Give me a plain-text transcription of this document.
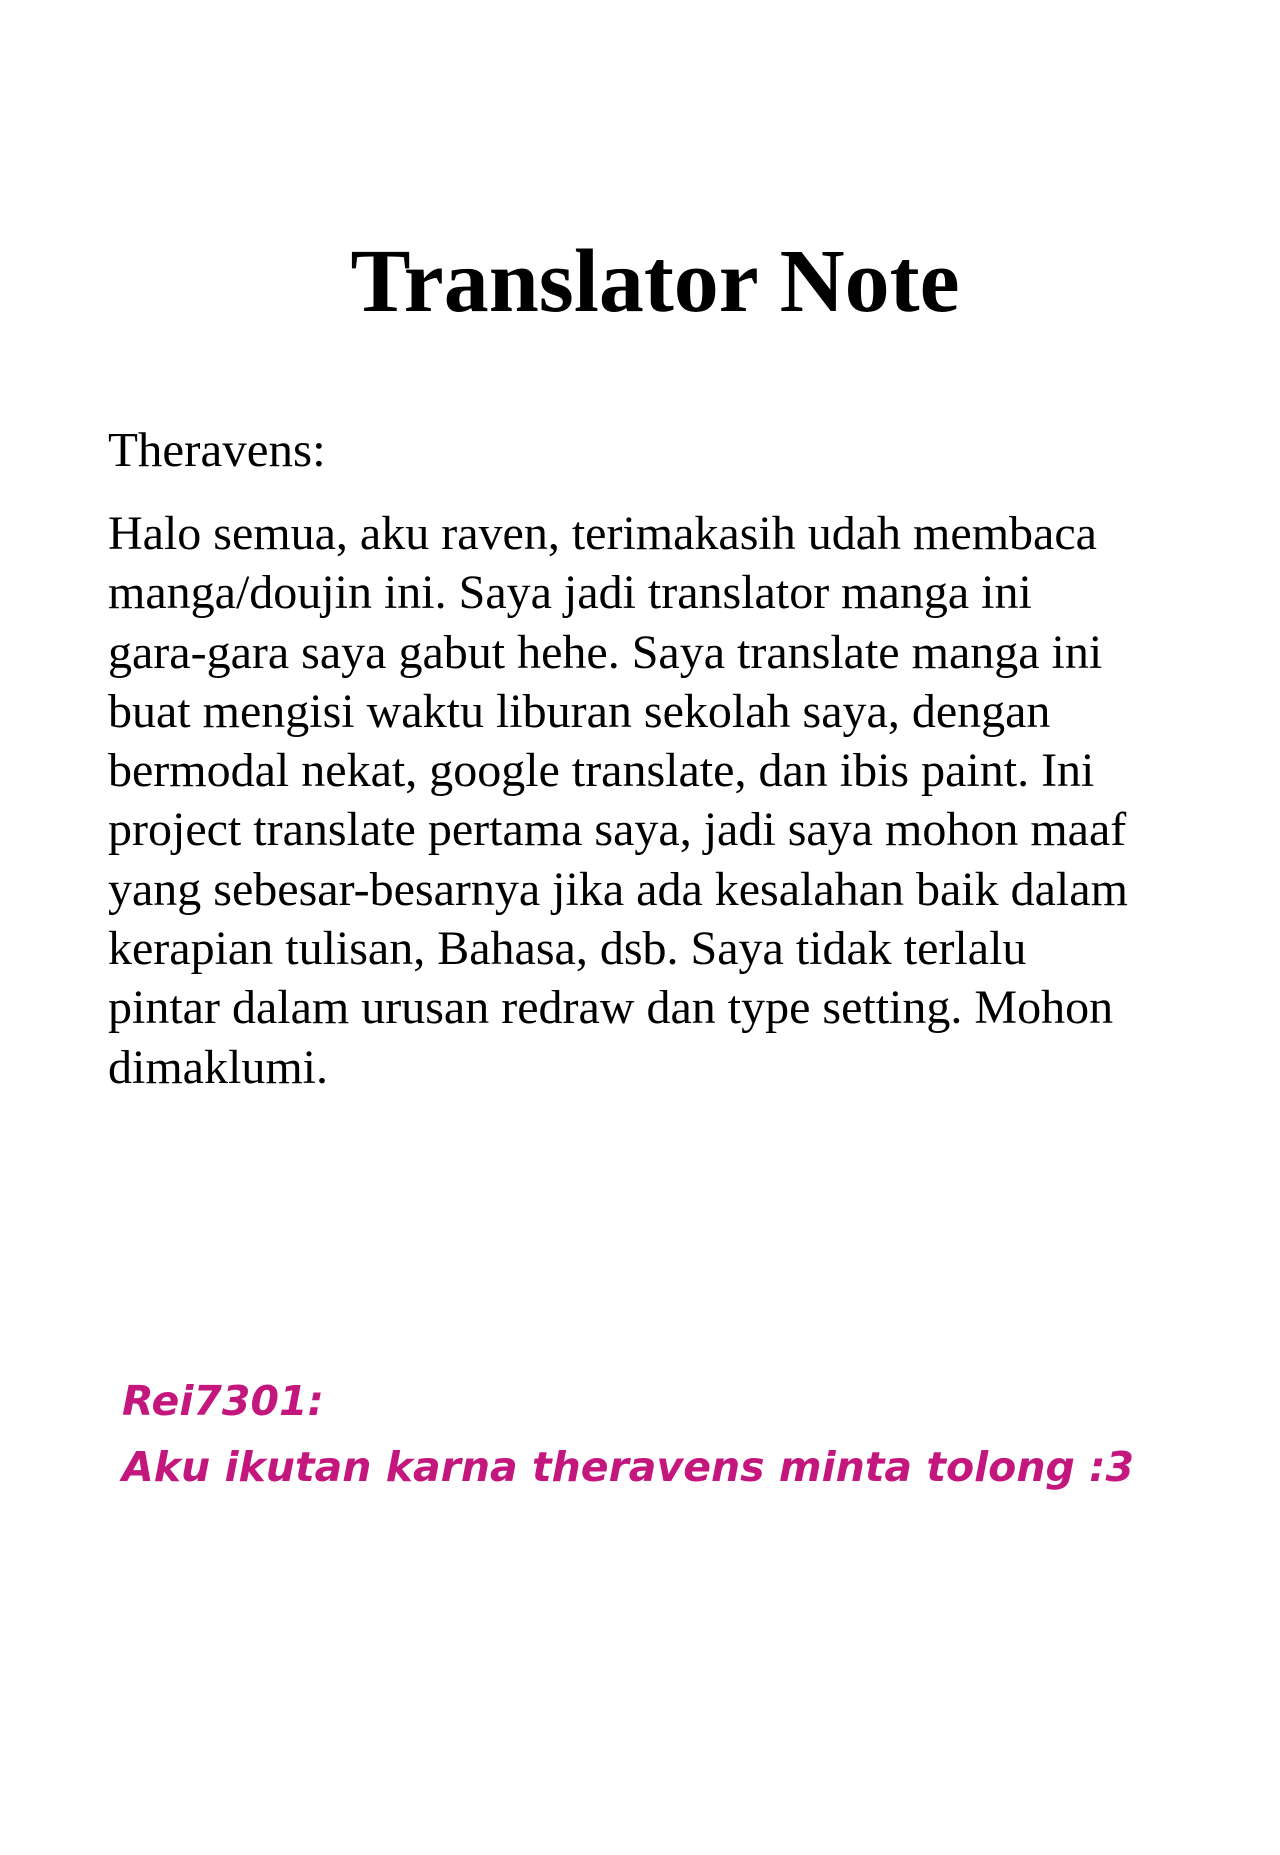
Translator Note

Theravens:

Halo semua, aku raven, terimakasih udah membaca
manga/doujin ini. Saya jadi translator manga ini
gara-gara saya gabut hehe. Saya translate manga ini
buat mengisi waktu liburan sekolah saya, dengan
bermodal nekat, google translate, dan ibis paint. Ini
project translate pertama saya, jadi saya mohon maaf
yang sebesar-besarnya jika ada kesalahan baik dalam
kerapian tulisan, Bahasa, dsb. Saya tidak terlalu
pintar dalam urusan redraw dan type setting. Mohon
dimaklumi.

Rei7301:
Aku ikutan karna theravens minta tolong :3
